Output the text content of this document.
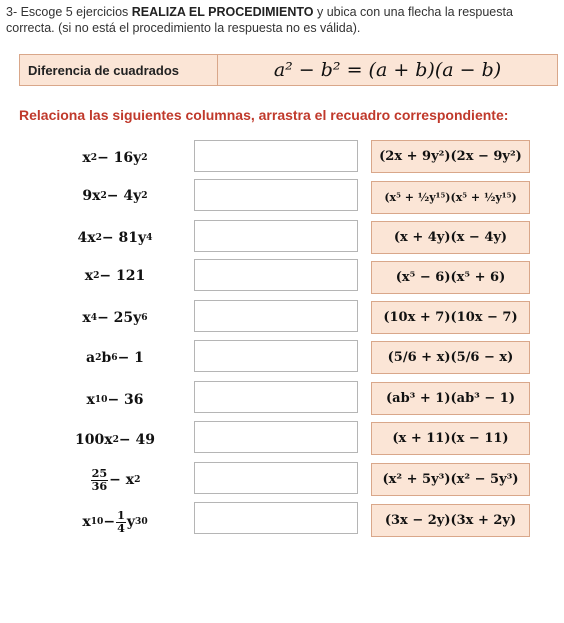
3- Escoge 5 ejercicios REALIZA EL PROCEDIMIENTO y ubica con una flecha la respuesta correcta. (si no está el procedimiento la respuesta no es válida).
Diferencia de cuadrados	a² − b² = (a + b)(a − b)
Relaciona las siguientes columnas, arrastra el recuadro correspondiente:
x 2 − 16y 2
9x 2 − 4y 2
4x 2 − 81y 4
x 2 − 121
x 4 − 25y 6
a 2 b 6 − 1
x 10 − 36
100x 2 − 49
$\frac{25}{36} - x$ 2
x $10 - \frac{1}{4}$ y 30
(2x + 9y²)(2x − 9y²)
(x⁵ + ½y¹⁵)(x⁵ + ½y¹⁵)
(x + 4y)(x − 4y)
(x⁵ − 6)(x⁵ + 6)
(10x + 7)(10x − 7)
(5/6 + x)(5/6 − x)
(ab³ + 1)(ab³ − 1)
(x + 11)(x − 11)
(x² + 5y³)(x² − 5y³)
(3x − 2y)(3x + 2y)
